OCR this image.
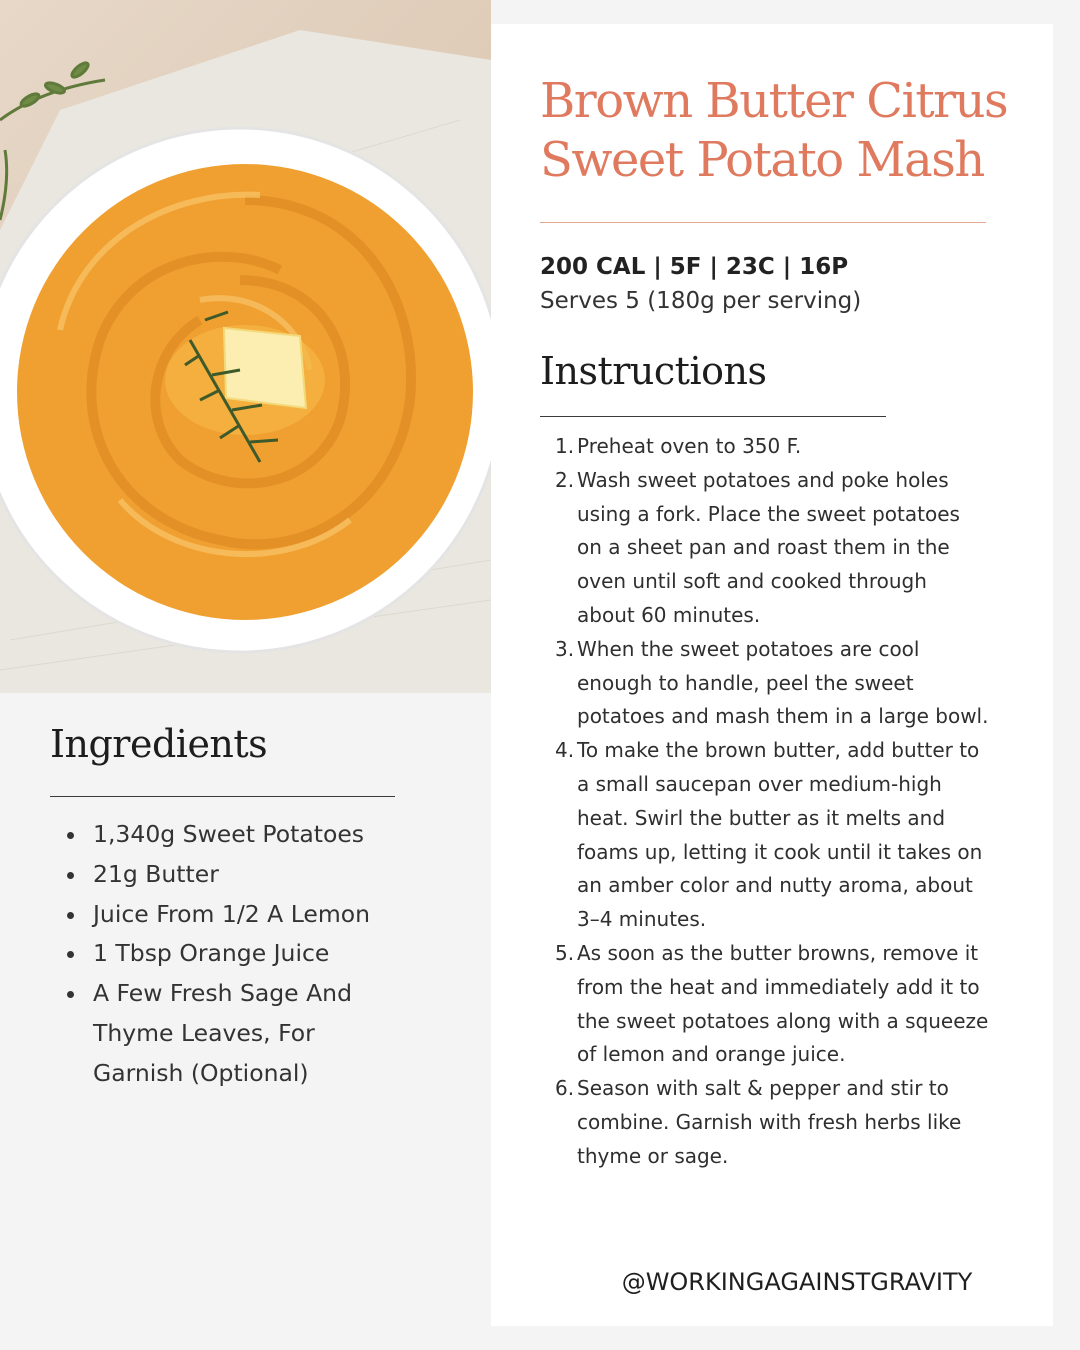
Ingredients
1,340g Sweet Potatoes
21g Butter
Juice From 1/2 A Lemon
1 Tbsp Orange Juice
A Few Fresh Sage And Thyme Leaves, For Garnish (Optional)
Brown Butter Citrus
Sweet Potato Mash
200 CAL | 5F | 23C | 16P
Serves 5 (180g per serving)
Instructions
1. Preheat oven to 350 F.
2. Wash sweet potatoes and poke holes using a fork. Place the sweet potatoes on a sheet pan and roast them in the oven until soft and cooked through about 60 minutes.
3. When the sweet potatoes are cool enough to handle, peel the sweet potatoes and mash them in a large bowl.
4. To make the brown butter, add butter to a small saucepan over medium-high heat. Swirl the butter as it melts and foams up, letting it cook until it takes on an amber color and nutty aroma, about 3–4 minutes.
5. As soon as the butter browns, remove it from the heat and immediately add it to the sweet potatoes along with a squeeze of lemon and orange juice.
6. Season with salt & pepper and stir to combine. Garnish with fresh herbs like thyme or sage.
@WORKINGAGAINSTGRAVITY
